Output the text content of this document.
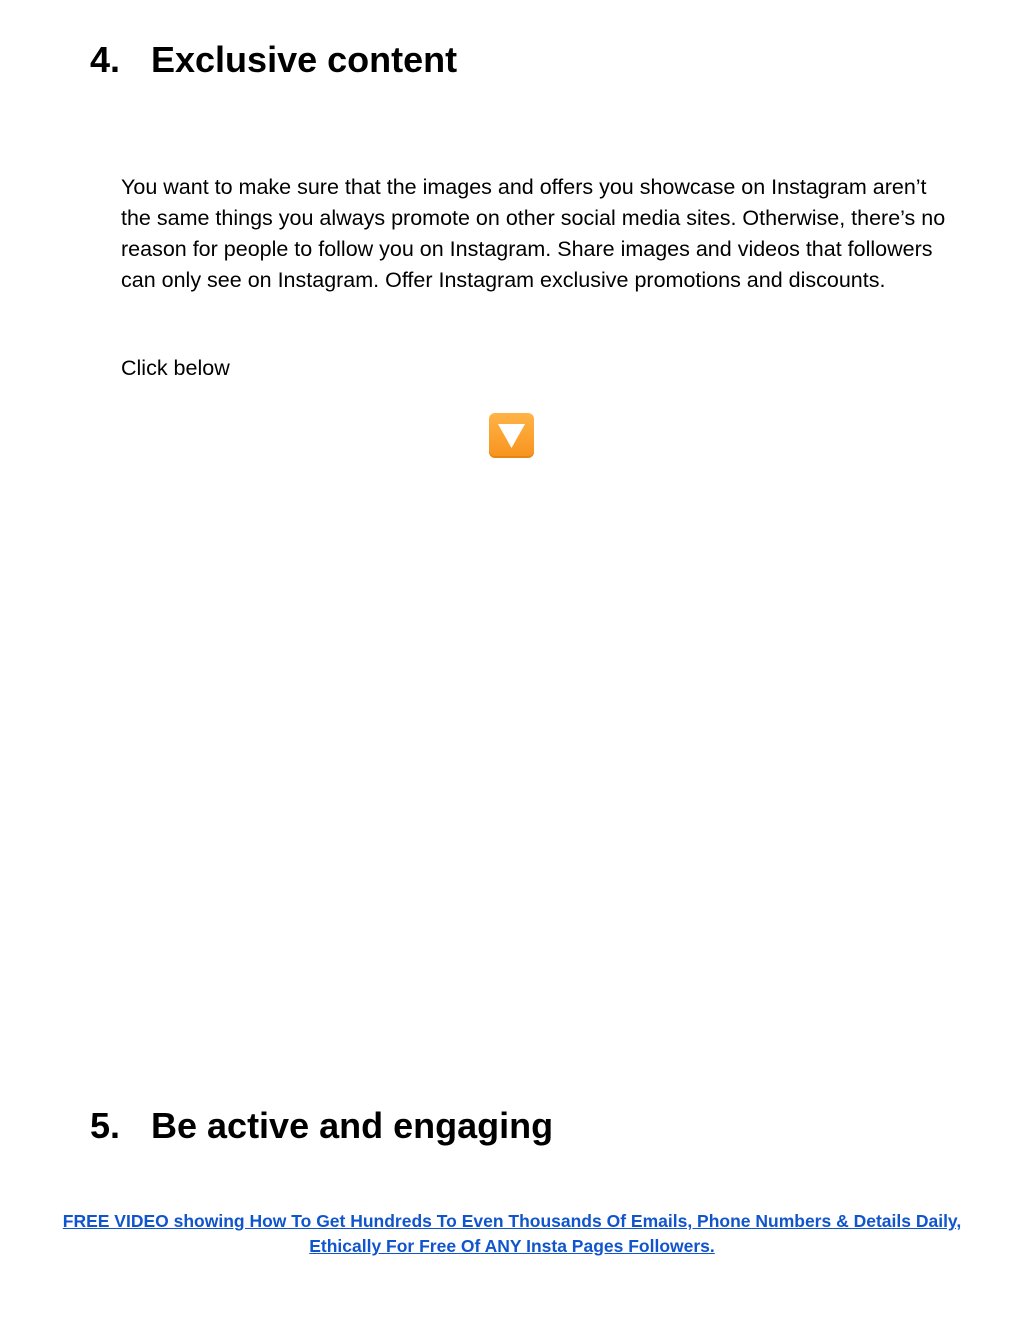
4. Exclusive content

You want to make sure that the images and offers you showcase on Instagram aren’t the same things you always promote on other social media sites. Otherwise, there’s no reason for people to follow you on Instagram. Share images and videos that followers can only see on Instagram. Offer Instagram exclusive promotions and discounts.

Click below

5. Be active and engaging
FREE VIDEO showing How To Get Hundreds To Even Thousands Of Emails, Phone Numbers & Details Daily, Ethically For Free Of ANY Insta Pages Followers.
